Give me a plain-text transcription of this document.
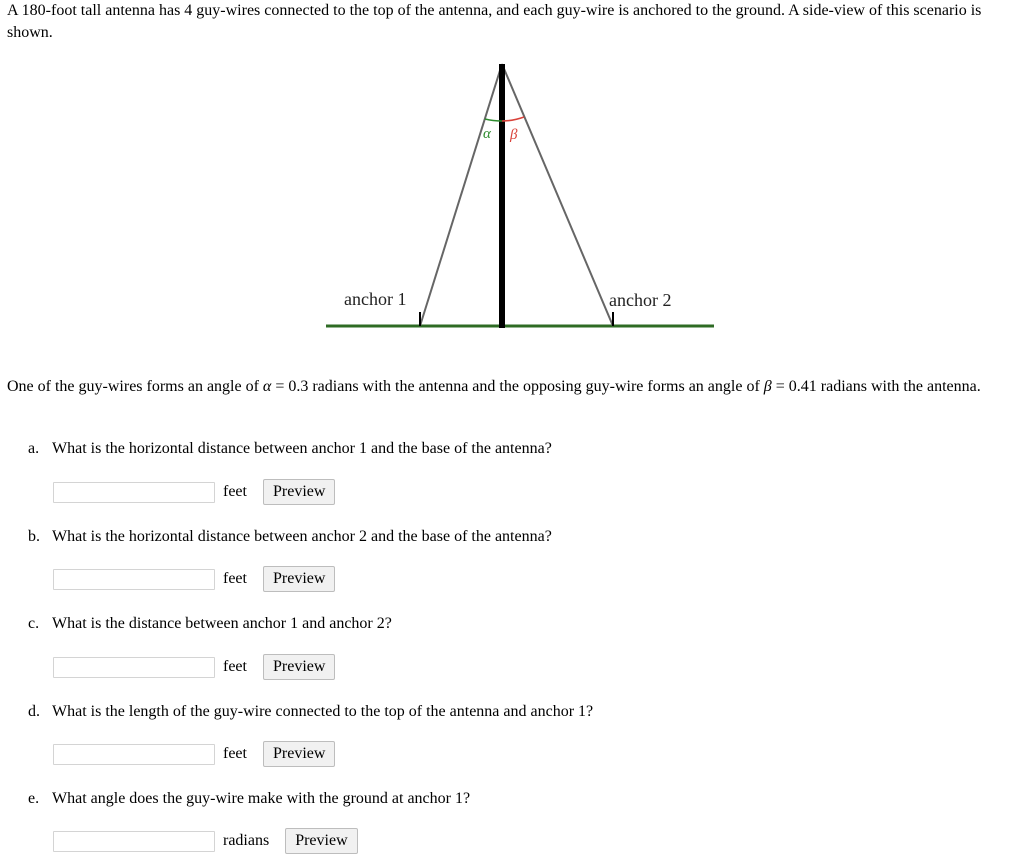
A 180-foot tall antenna has 4 guy-wires connected to the top of the antenna, and each guy-wire is anchored to the ground. A side-view of this scenario is shown.

α β
anchor 1	anchor 2

One of the guy-wires forms an angle of α = 0.3 radians with the antenna and the opposing guy-wire forms an angle of β = 0.41 radians with the antenna.

a. What is the horizontal distance between anchor 1 and the base of the antenna?

feet	Preview

b. What is the horizontal distance between anchor 2 and the base of the antenna?

feet	Preview

c. What is the distance between anchor 1 and anchor 2?

feet	Preview

d. What is the length of the guy-wire connected to the top of the antenna and anchor 1?

feet	Preview

e. What angle does the guy-wire make with the ground at anchor 1?

radians	Preview
